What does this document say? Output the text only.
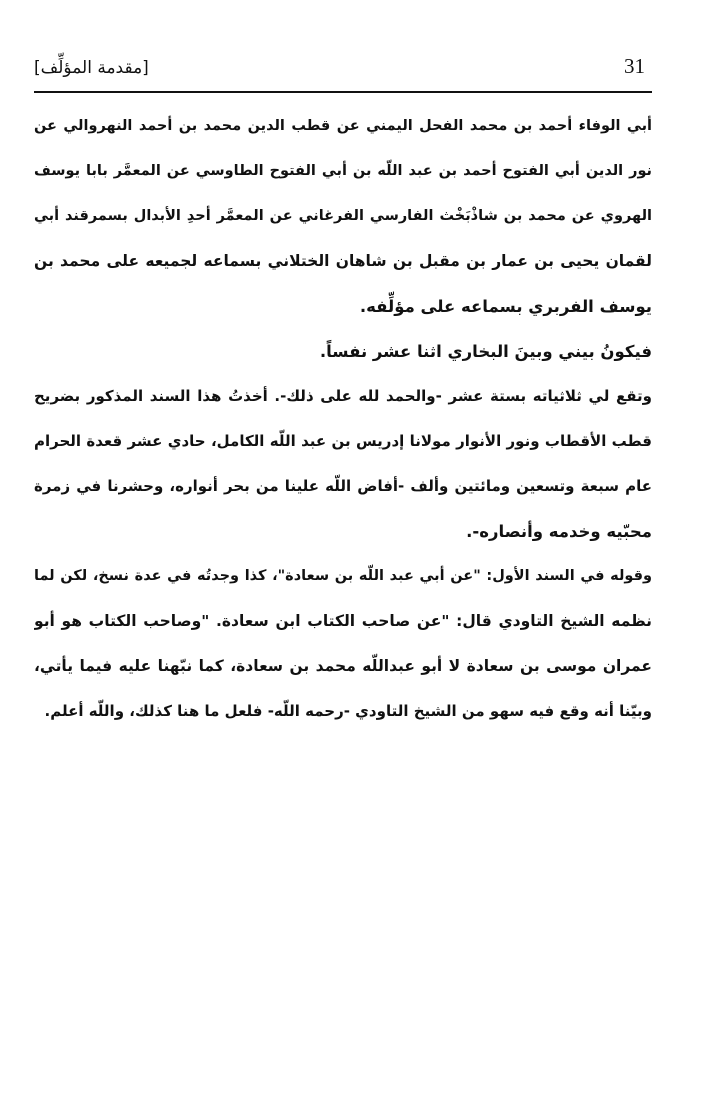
31
[مقدمة المؤلِّف]
أبي الوفاء أحمد بن محمد الفحل اليمني عن قطب الدين محمد بن أحمد النهروالي عن
نور الدين أبي الفتوح أحمد بن عبد اللّه بن أبي الفتوح الطاوسي عن المعمَّر بابا يوسف
الهروي عن محمد بن شاذْبَخْث الفارسي الفرغاني عن المعمَّر أحدِ الأبدال بسمرقند أبي
لقمان يحيى بن عمار بن مقبل بن شاهان الختلاني بسماعه لجميعه على محمد بن
يوسف الفربري بسماعه على مؤلِّفه.
فيكونُ بيني وبينَ البخاري اثنا عشر نفساً.
وتقع لي ثلاثياته بستة عشر -والحمد لله على ذلك-. أخذتُ هذا السند المذكور بضريح
قطب الأقطاب ونور الأنوار مولانا إدريس بن عبد اللّه الكامل، حادي عشر قعدة الحرام
عام سبعة وتسعين ومائتين وألف -أفاض اللّه علينا من بحر أنواره، وحشرنا في زمرة
محبّيه وخدمه وأنصاره-.
وقوله في السند الأول: "عن أبي عبد اللّه بن سعادة"، كذا وجدتُه في عدة نسخ، لكن لما
نظمه الشيخ التاودي قال: "عن صاحب الكتاب ابن سعادة. "وصاحب الكتاب هو أبو
عمران موسى بن سعادة لا أبو عبداللّه محمد بن سعادة، كما نبّهنا عليه فيما يأتي،
وبيّنا أنه وقع فيه سهو من الشيخ التاودي -رحمه اللّه- فلعل ما هنا كذلك، واللّه أعلم.
